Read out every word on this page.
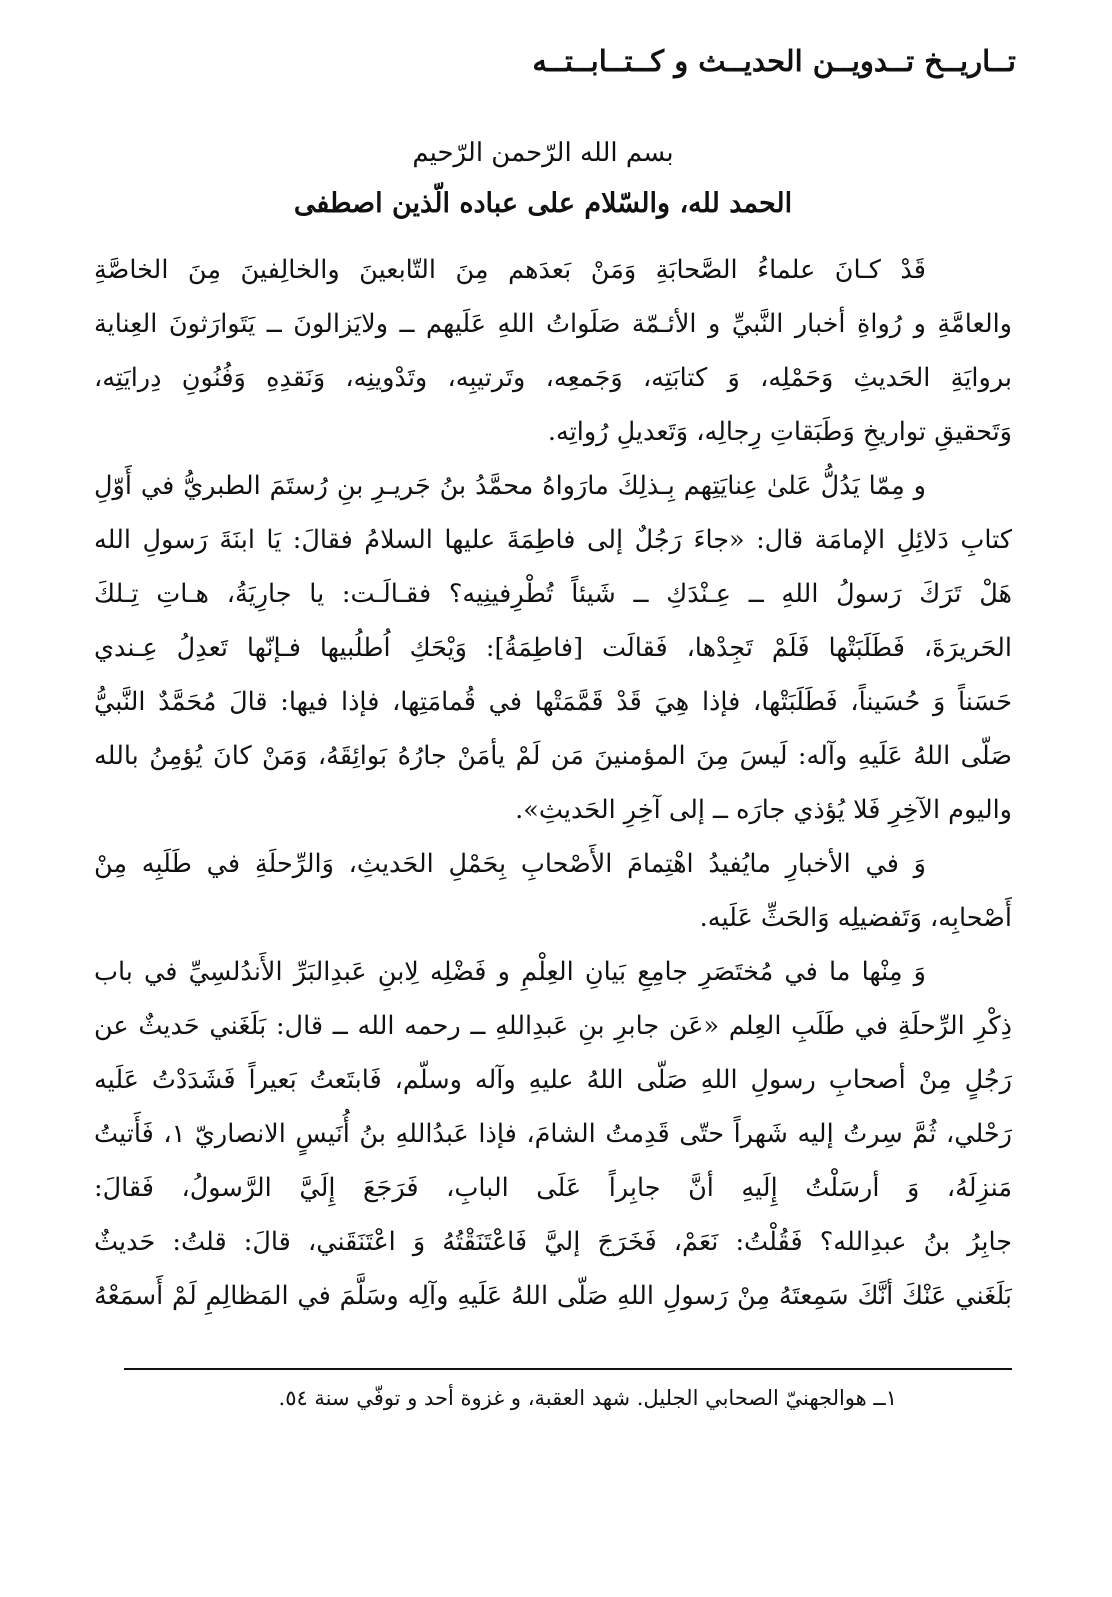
تــاريــخ تــدويــن الحديــث و كــتــابــتــه
بسم الله الرّحمن الرّحيم
الحمد لله، والسّلام على عباده الّذين اصطفى
قَدْ كـانَ علماءُ الصَّحابَةِ وَمَنْ بَعدَهم مِنَ التّابعينَ والخالِفينَ مِنَ الخاصَّةِ
والعامَّةِ و رُواةِ أخبار النَّبيِّ و الأئـمّة صَلَواتُ اللهِ عَلَيهم ــ ولايَزالونَ ــ يَتَوارَثونَ العِناية
بروايَةِ الحَديثِ وَحَمْلِه، وَ كتابَتِه، وَجَمعِه، وتَرتيبِه، وتَدْوينِه، وَنَقدِهِ وَفُنُونِ دِرايَتِه،
وَتَحقيقِ تواريخِ وَطَبَقاتِ رِجالِه، وَتَعديلِ رُواتِه.
و مِمّا يَدُلُّ عَلىٰ عِنايَتِهم بِـذلِكَ مارَواهُ محمَّدُ بنُ جَريـرِ بنِ رُستَمَ الطبريُّ في أَوّلِ
كتابِ دَلائِلِ الإمامَة قال: «جاءَ رَجُلٌ إلى فاطِمَةَ عليها السلامُ فقالَ: يَا ابنَةَ رَسولِ الله
هَلْ تَرَكَ رَسولُ اللهِ ــ عِـنْدَكِ ــ شَيئاً تُطْرِفينِيه؟ فقـالَـت: يا جارِيَةُ، هـاتِ تِـلكَ
الحَريرَةَ، فَطَلَبَتْها فَلَمْ تَجِدْها، فَقالَت [فاطِمَةُ]: وَيْحَكِ اُطلُبيها فـإنّها تَعدِلُ عِـندي
حَسَناً وَ حُسَيناً، فَطَلَبَتْها، فإذا هِيَ قَدْ قَمَّمَتْها في قُمامَتِها، فإذا فيها: قالَ مُحَمَّدٌ النَّبيُّ
صَلّى اللهُ عَلَيهِ وآله: لَيسَ مِنَ المؤمنينَ مَن لَمْ يأمَنْ جارُهُ بَوائِقَهُ، وَمَنْ كانَ يُؤمِنُ بالله
واليوم الآخِرِ فَلا يُؤذي جارَه ــ إلى آخِرِ الحَديثِ».
وَ في الأخبارِ مايُفيدُ اهْتِمامَ الأَصْحابِ بِحَمْلِ الحَديثِ، وَالرِّحلَةِ في طَلَبِه مِنْ
أَصْحابِه، وَتَفضيلِه وَالحَثِّ عَلَيه.
وَ مِنْها ما في مُختَصَرِ جامِعِ بَيانِ العِلْمِ و فَضْلِه لِابنِ عَبدِالبَرِّ الأَندُلسِيِّ في باب
ذِكْرِ الرِّحلَةِ في طَلَبِ العِلم «عَن جابرِ بنِ عَبدِاللهِ ــ رحمه الله ــ قال: بَلَغَني حَديثٌ عن
رَجُلٍ مِنْ أصحابِ رسولِ اللهِ صَلّى اللهُ عليهِ وآله وسلّم، فَابتَعتُ بَعيراً فَشَدَدْتُ عَلَيه
رَحْلي، ثُمَّ سِرتُ إليه شَهراً حتّى قَدِمتُ الشامَ، فإذا عَبدُاللهِ بنُ أُنَيسٍ الانصاريّ ١، فَأَتيتُ
مَنزِلَهُ، وَ أرسَلْتُ إِلَيهِ أنَّ جابِراً عَلَى البابِ، فَرَجَعَ إِلَيَّ الرَّسولُ، فَقالَ:
جابِرُ بنُ عبدِالله؟ فَقُلْتُ: نَعَمْ، فَخَرَجَ إليَّ فَاعْتَنَقْتُهُ وَ اعْتَنَقَني، قالَ: قلتُ: حَديثٌ
بَلَغَني عَنْكَ أنَّكَ سَمِعتَهُ مِنْ رَسولِ اللهِ صَلّى اللهُ عَلَيهِ وآلِه وسَلَّمَ في المَظالِمِ لَمْ أَسمَعْهُ
١ــ هوالجهنيّ الصحابي الجليل. شهد العقبة، و غزوة أحد و توفّي سنة ٥٤.
